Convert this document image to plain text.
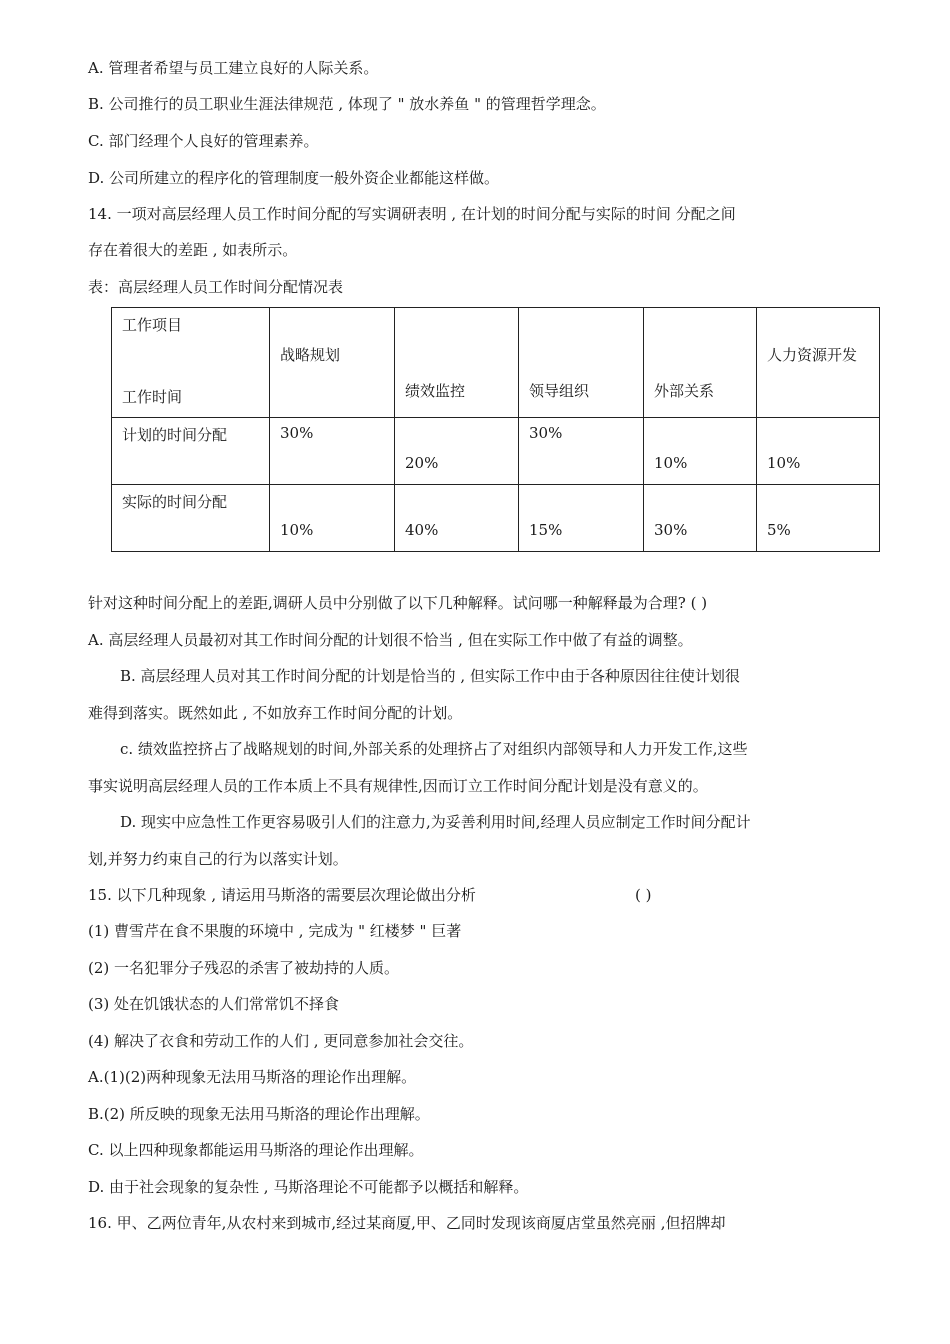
A. 管理者希望与员工建立良好的人际关系。
B. 公司推行的员工职业生涯法律规范 , 体现了 " 放水养鱼 " 的管理哲学理念。
C. 部门经理个人良好的管理素养。
D. 公司所建立的程序化的管理制度一般外资企业都能这样做。
14. 一项对高层经理人员工作时间分配的写实调研表明 , 在计划的时间分配与实际的时间 分配之间
存在着很大的差距 , 如表所示。
表：高层经理人员工作时间分配情况表
工作项目
工作时间	战略规划	绩效监控	领导组织	外部关系	人力资源开发

计划的时间分配	30%	20%	30%	10%	10%

实际的时间分配	10%	40%	15%	30%	5%
针对这种时间分配上的差距,调研人员中分别做了以下几种解释。试问哪一种解释最为合理? ( )
A. 高层经理人员最初对其工作时间分配的计划很不恰当 , 但在实际工作中做了有益的调整。
B. 高层经理人员对其工作时间分配的计划是恰当的 , 但实际工作中由于各种原因往往使计划很
难得到落实。既然如此 , 不如放弃工作时间分配的计划。
c. 绩效监控挤占了战略规划的时间,外部关系的处理挤占了对组织内部领导和人力开发工作,这些
事实说明高层经理人员的工作本质上不具有规律性,因而订立工作时间分配计划是没有意义的。
D. 现实中应急性工作更容易吸引人们的注意力,为妥善利用时间,经理人员应制定工作时间分配计
划,并努力约束自己的行为以落实计划。
15. 以下几种现象 , 请运用马斯洛的需要层次理论做出分析	( )
(1) 曹雪芹在食不果腹的环境中 , 完成为 " 红楼梦 " 巨著
(2) 一名犯罪分子残忍的杀害了被劫持的人质。
(3) 处在饥饿状态的人们常常饥不择食
(4) 解决了衣食和劳动工作的人们 , 更同意参加社会交往。
A.(1)(2)两种现象无法用马斯洛的理论作出理解。
B.(2) 所反映的现象无法用马斯洛的理论作出理解。
C. 以上四种现象都能运用马斯洛的理论作出理解。
D. 由于社会现象的复杂性 , 马斯洛理论不可能都予以概括和解释。
16. 甲、乙两位青年,从农村来到城市,经过某商厦,甲、乙同时发现该商厦店堂虽然亮丽 ,但招牌却
